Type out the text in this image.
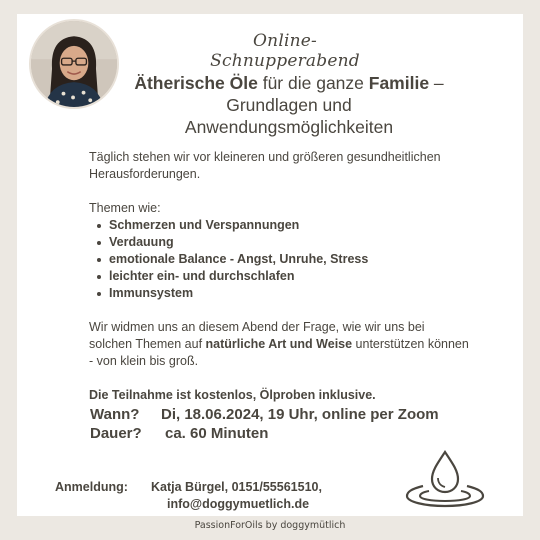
Online-Schnupperabend
Ätherische Öle für die ganze Familie –
Grundlagen und
Anwendungsmöglichkeiten

Täglich stehen wir vor kleineren und größeren gesundheitlichen Herausforderungen.

Themen wie:

Schmerzen und Verspannungen
Verdauung
emotionale Balance - Angst, Unruhe, Stress
leichter ein- und durchschlafen
Immunsystem

Wir widmen uns an diesem Abend der Frage, wie wir uns bei solchen Themen auf natürliche Art und Weise unterstützen können - von klein bis groß.

Die Teilnahme ist kostenlos, Ölproben inklusive.

Wann?	Di, 18.06.2024, 19 Uhr, online per Zoom
Dauer?	ca. 60 Minuten
Anmeldung:	Katja Bürgel, 0151/55561510,
info@doggymuetlich.de
PassionForOils by doggymütlich
